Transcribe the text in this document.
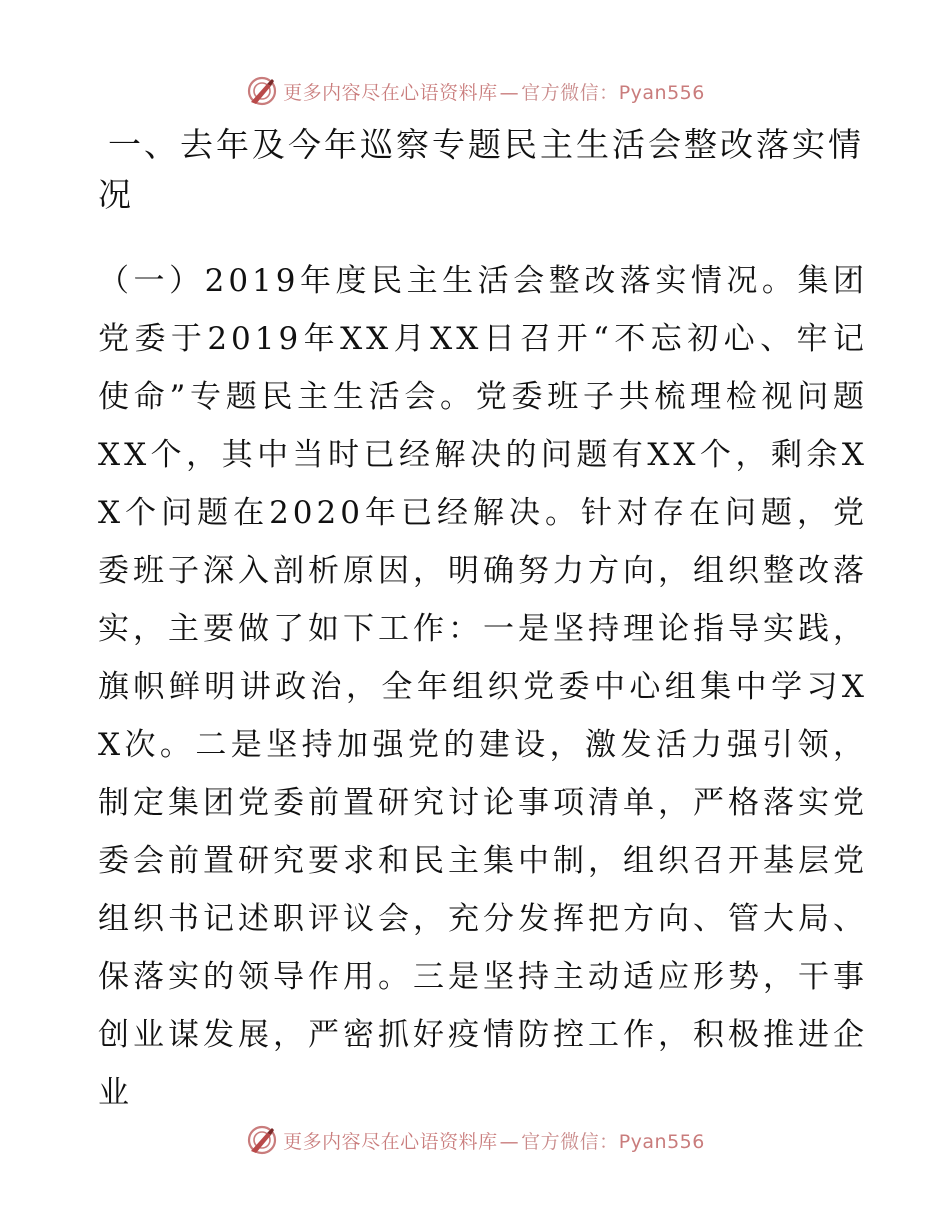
更多内容尽在心语资料库 — 官方微信：Pyan556
一、去年及今年巡察专题民主生活会整改落实情况

（一）2019年度民主生活会整改落实情况。集团党委于2019年XX月XX日召开“不忘初心、牢记使命”专题民主生活会。党委班子共梳理检视问题XX个，其中当时已经解决的问题有XX个，剩余XX个问题在2020年已经解决。针对存在问题，党委班子深入剖析原因，明确努力方向，组织整改落实，主要做了如下工作：一是坚持理论指导实践，旗帜鲜明讲政治，全年组织党委中心组集中学习XX次。二是坚持加强党的建设，激发活力强引领，制定集团党委前置研究讨论事项清单，严格落实党委会前置研究要求和民主集中制，组织召开基层党组织书记述职评议会，充分发挥把方向、管大局、保落实的领导作用。三是坚持主动适应形势，干事创业谋发展，严密抓好疫情防控工作，积极推进企业

更多内容尽在心语资料库 — 官方微信：Pyan556
